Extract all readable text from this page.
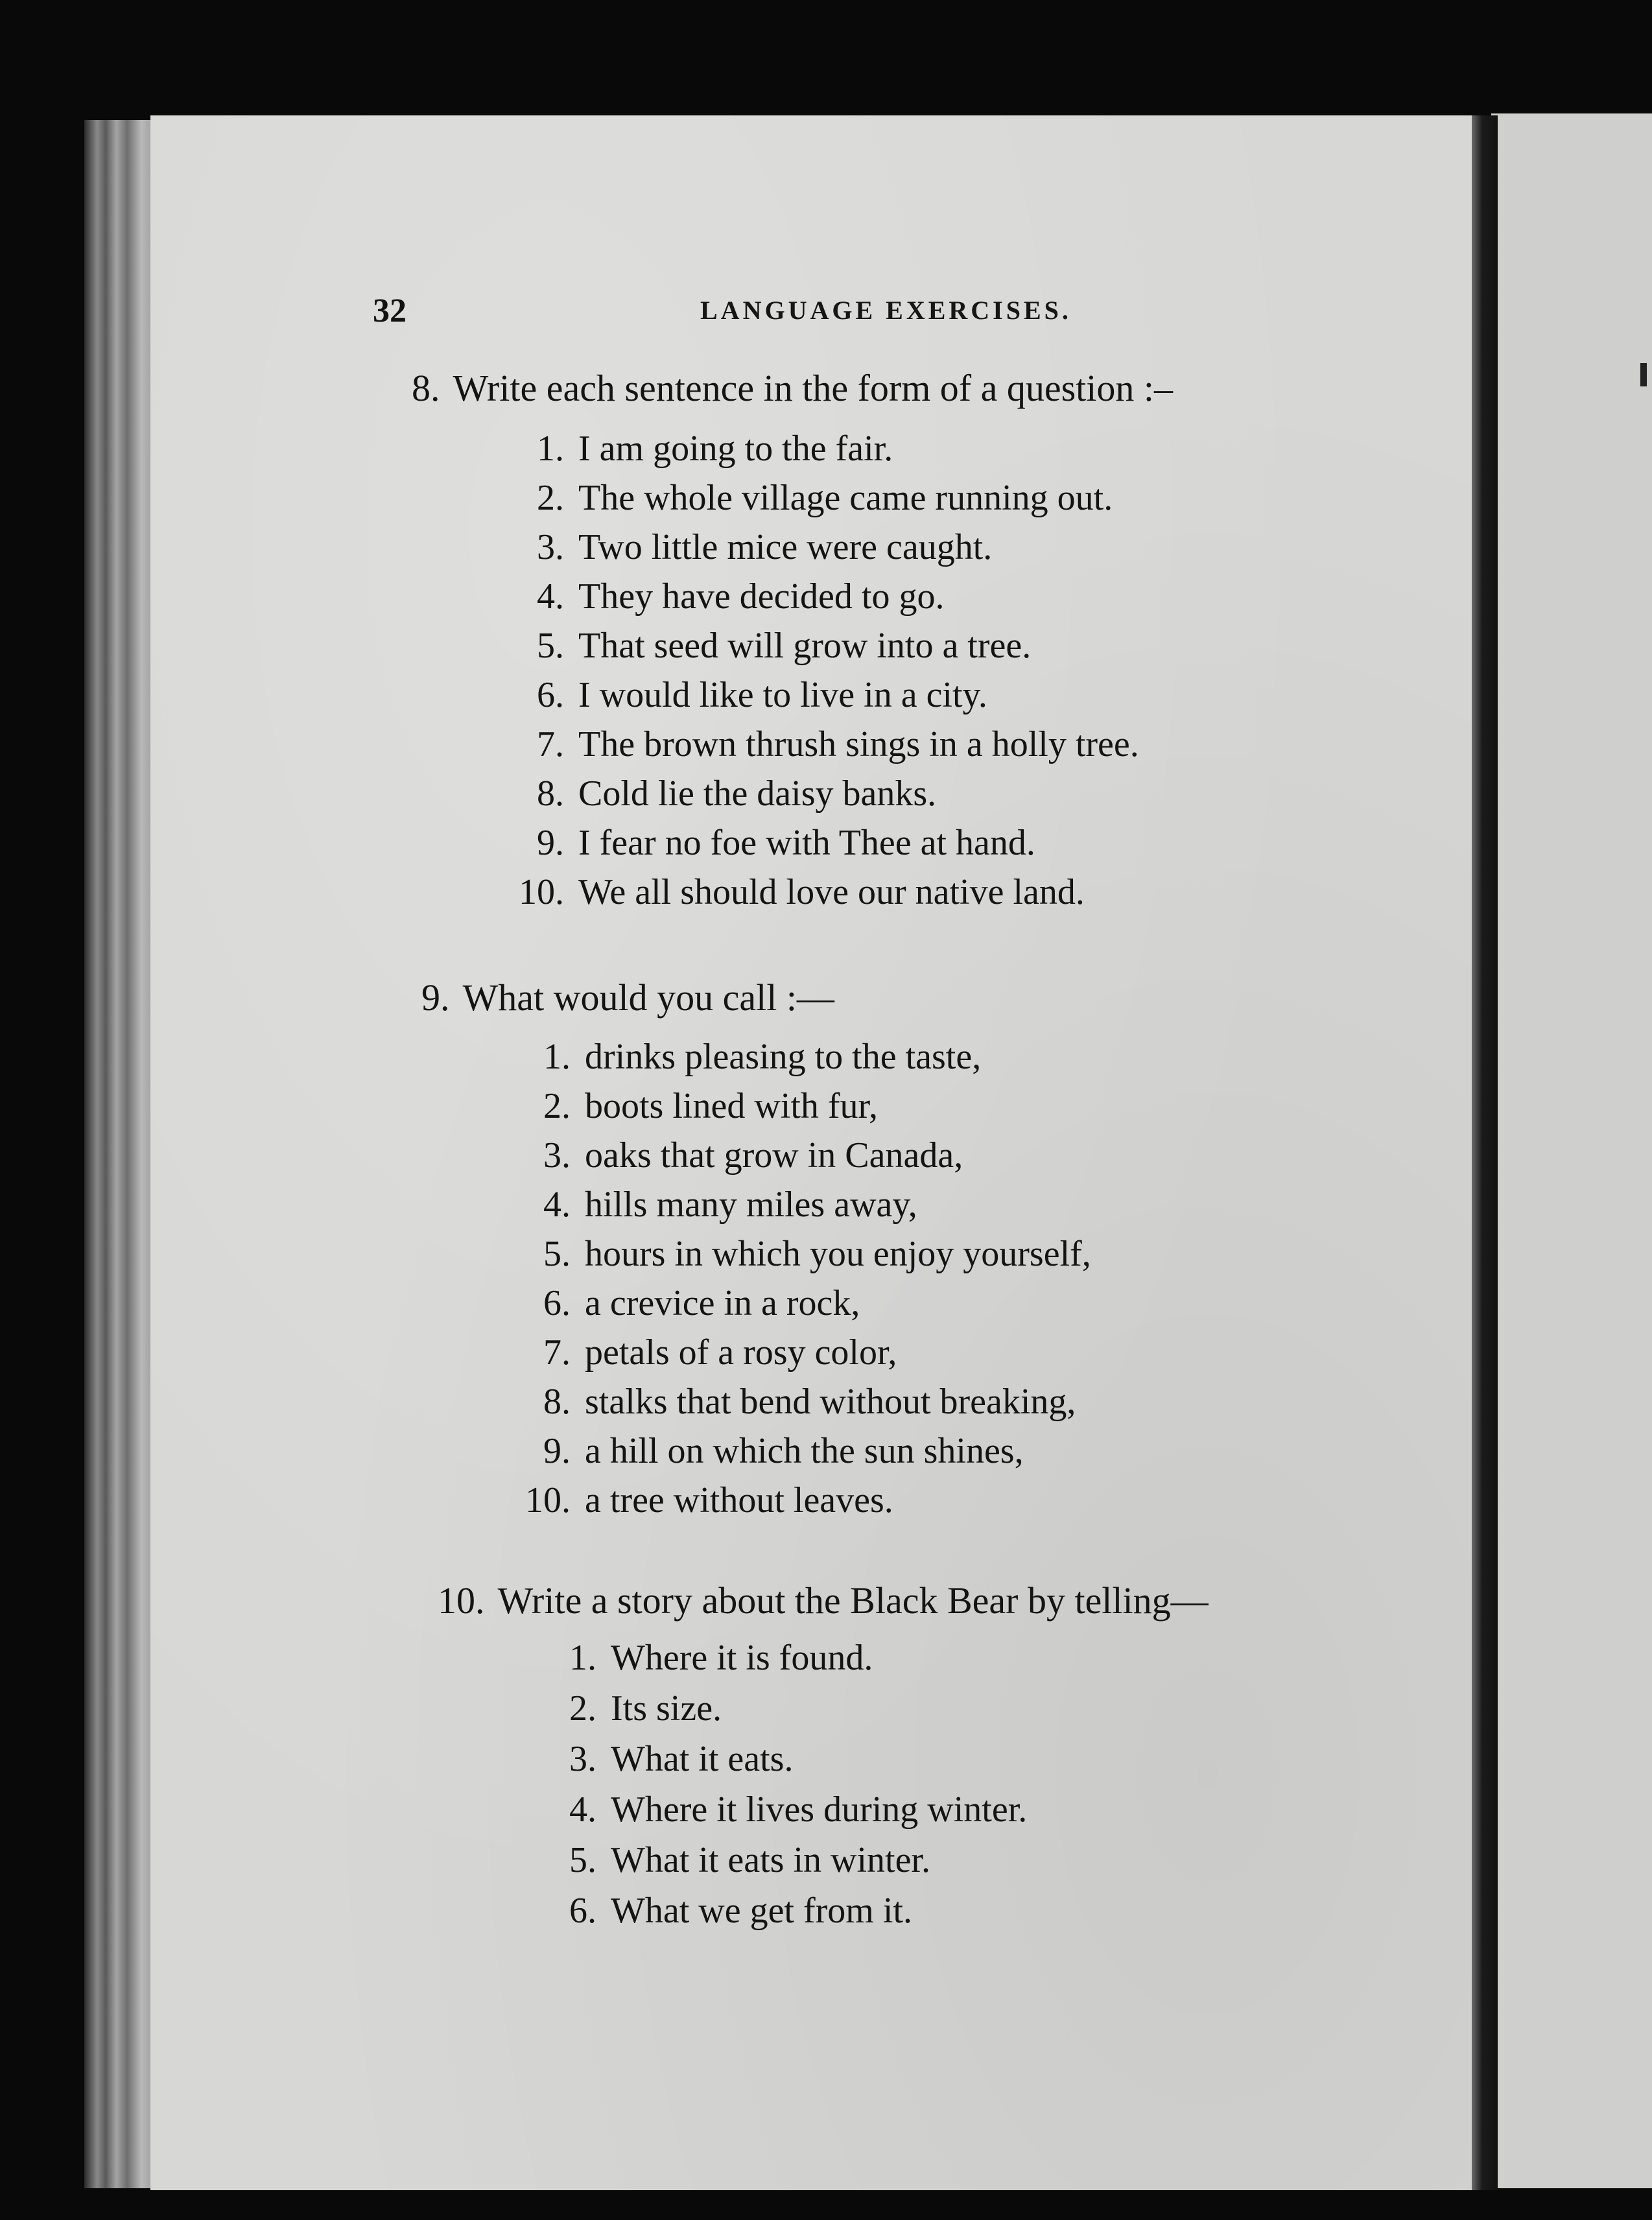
32	LANGUAGE EXERCISES.
8. Write each sentence in the form of a question :–
1. I am going to the fair.
2. The whole village came running out.
3. Two little mice were caught.
4. They have decided to go.
5. That seed will grow into a tree.
6. I would like to live in a city.
7. The brown thrush sings in a holly tree.
8. Cold lie the daisy banks.
9. I fear no foe with Thee at hand.
10. We all should love our native land.
9. What would you call :—
1. drinks pleasing to the taste,
2. boots lined with fur,
3. oaks that grow in Canada,
4. hills many miles away,
5. hours in which you enjoy yourself,
6. a crevice in a rock,
7. petals of a rosy color,
8. stalks that bend without breaking,
9. a hill on which the sun shines,
10. a tree without leaves.
10. Write a story about the Black Bear by telling—
1. Where it is found.
2. Its size.
3. What it eats.
4. Where it lives during winter.
5. What it eats in winter.
6. What we get from it.
